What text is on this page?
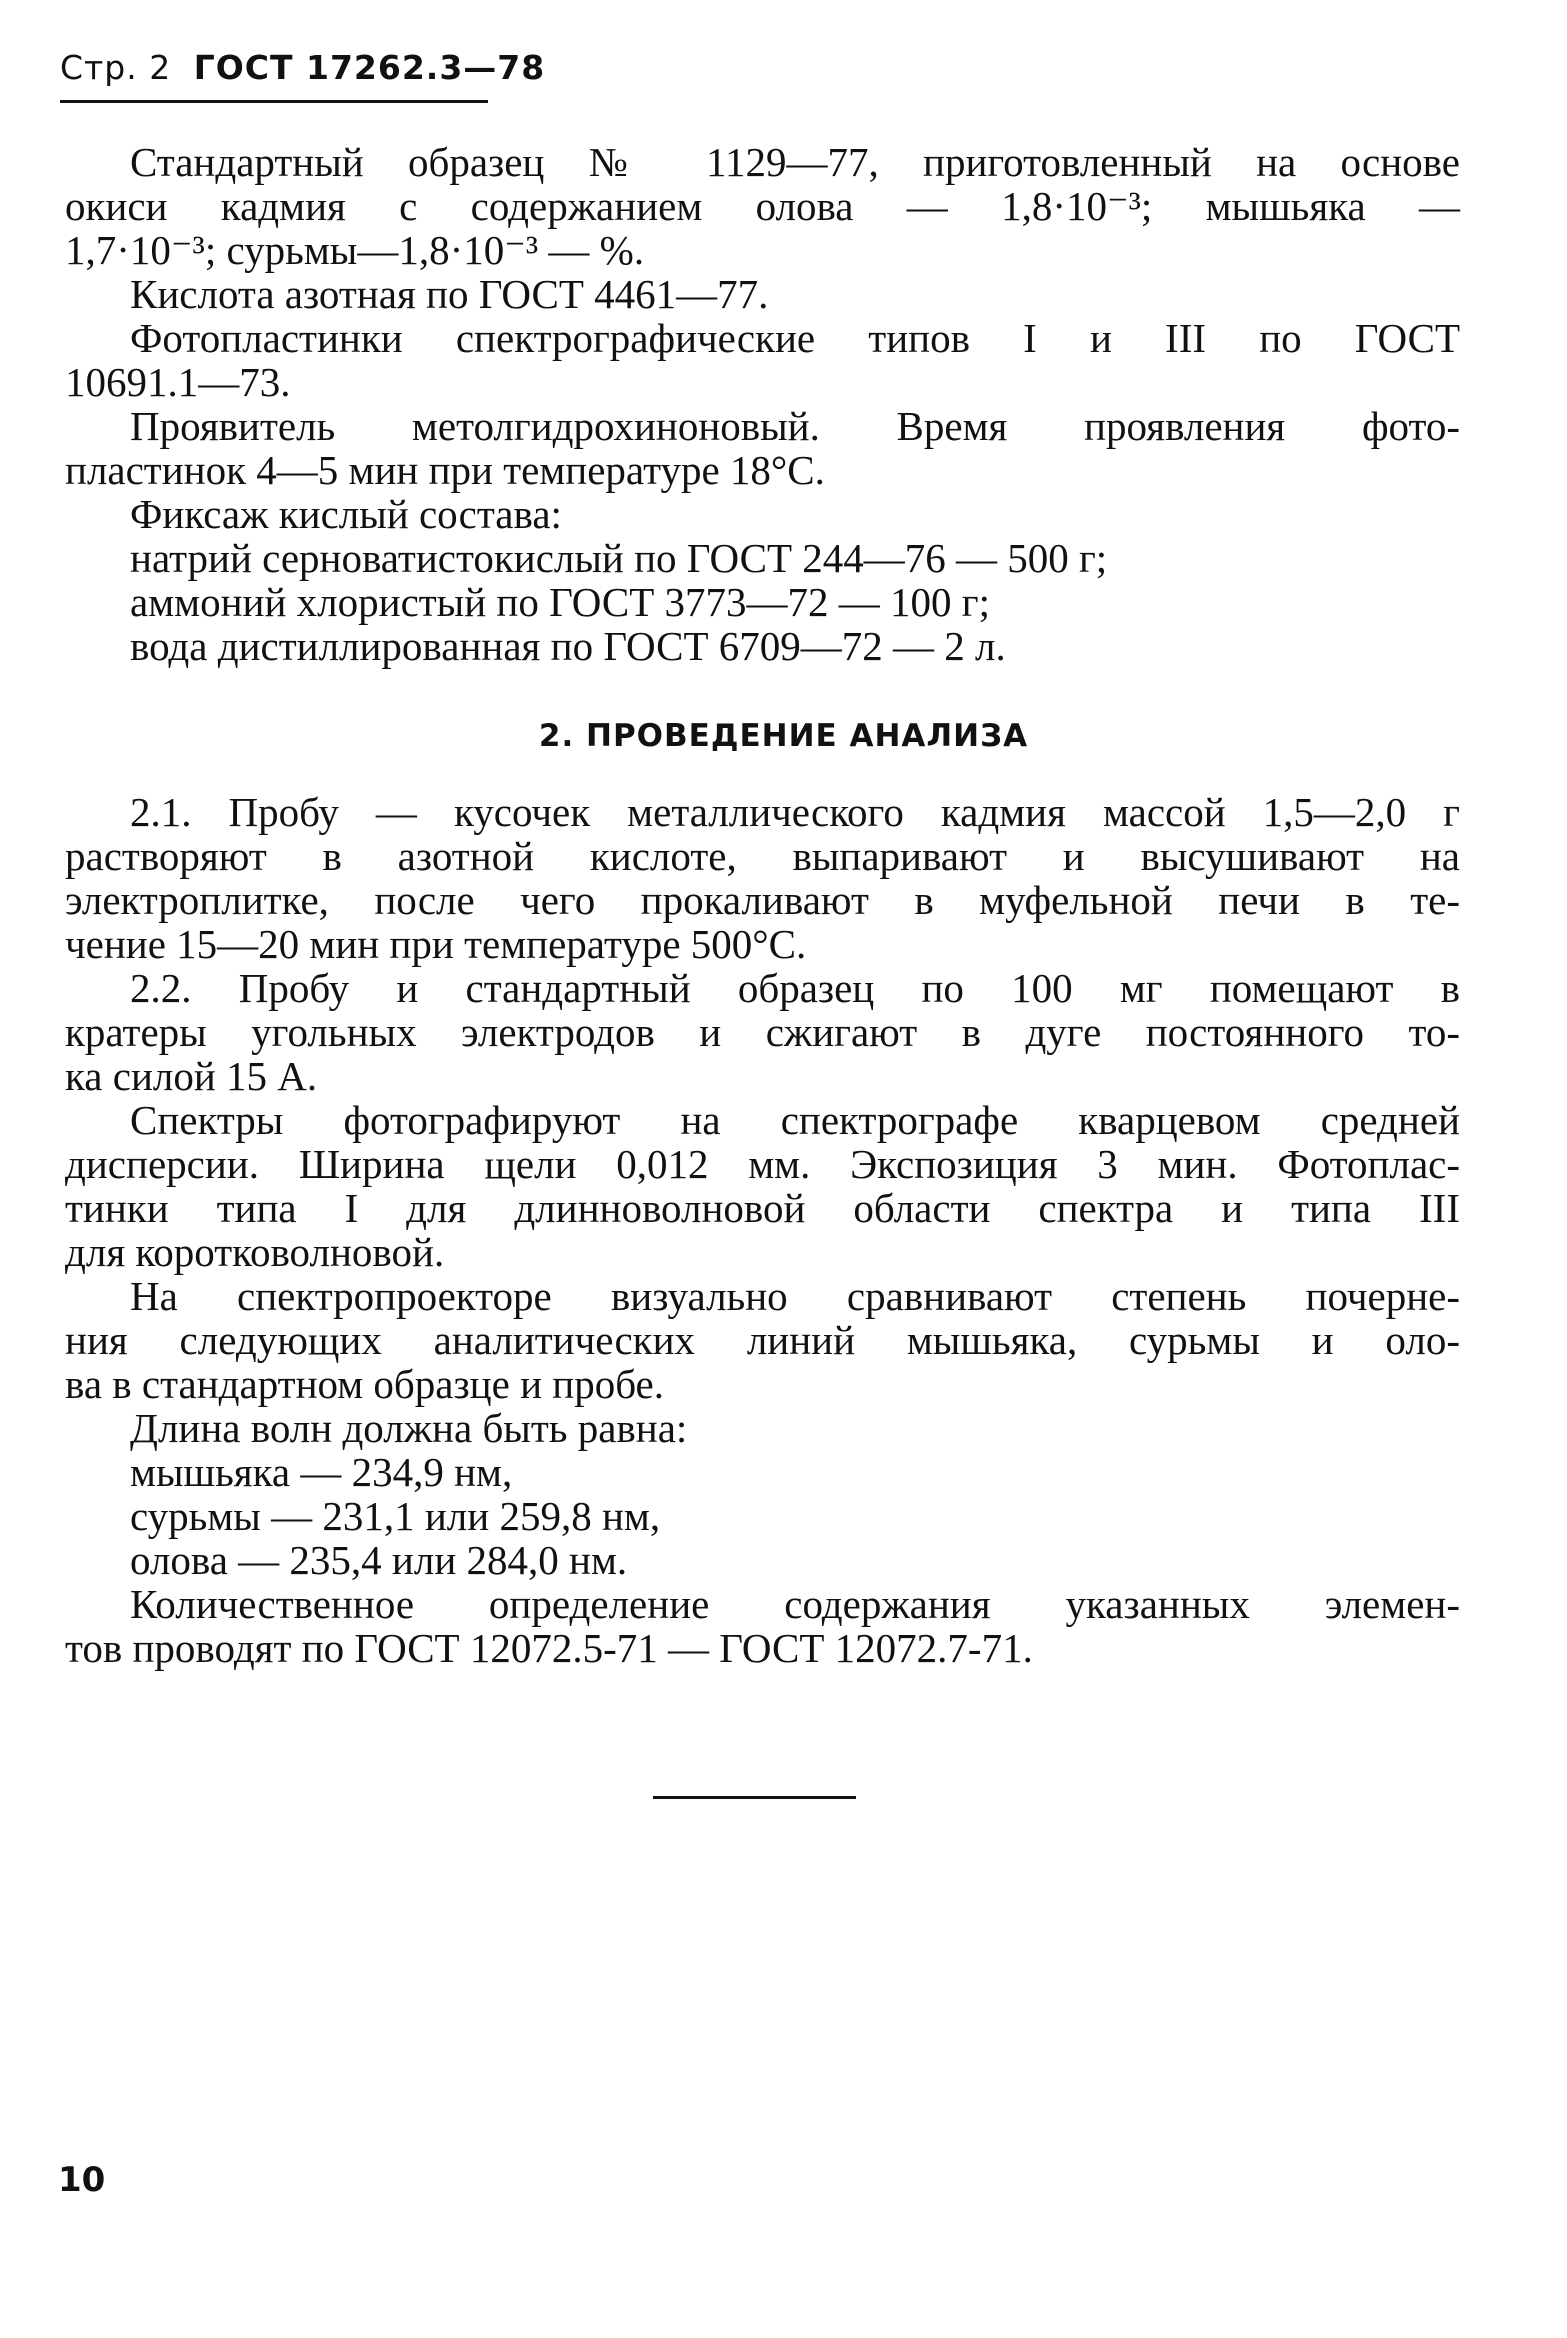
Стр. 2 ГОСТ 17262.3—78
Стандартный образец № 1129—77, приготовленный на основе
окиси кадмия с содержанием олова — 1,8·10⁻³; мышьяка —
1,7·10⁻³; сурьмы—1,8·10⁻³ — %.
Кислота азотная по ГОСТ 4461—77.
Фотопластинки спектрографические типов I и III по ГОСТ
10691.1—73.
Проявитель метолгидрохиноновый. Время проявления фото-
пластинок 4—5 мин при температуре 18°С.
Фиксаж кислый состава:
натрий серноватистокислый по ГОСТ 244—76 — 500 г;
аммоний хлористый по ГОСТ 3773—72 — 100 г;
вода дистиллированная по ГОСТ 6709—72 — 2 л.
2. ПРОВЕДЕНИЕ АНАЛИЗА
2.1. Пробу — кусочек металлического кадмия массой 1,5—2,0 г
растворяют в азотной кислоте, выпаривают и высушивают на
электроплитке, после чего прокаливают в муфельной печи в те-
чение 15—20 мин при температуре 500°С.
2.2. Пробу и стандартный образец по 100 мг помещают в
кратеры угольных электродов и сжигают в дуге постоянного то-
ка силой 15 А.
Спектры фотографируют на спектрографе кварцевом средней
дисперсии. Ширина щели 0,012 мм. Экспозиция 3 мин. Фотоплас-
тинки типа I для длинноволновой области спектра и типа III
для коротковолновой.
На спектропроекторе визуально сравнивают степень почерне-
ния следующих аналитических линий мышьяка, сурьмы и оло-
ва в стандартном образце и пробе.
Длина волн должна быть равна:
мышьяка — 234,9 нм,
сурьмы — 231,1 или 259,8 нм,
олова — 235,4 или 284,0 нм.
Количественное определение содержания указанных элемен-
тов проводят по ГОСТ 12072.5-71 — ГОСТ 12072.7-71.
10
